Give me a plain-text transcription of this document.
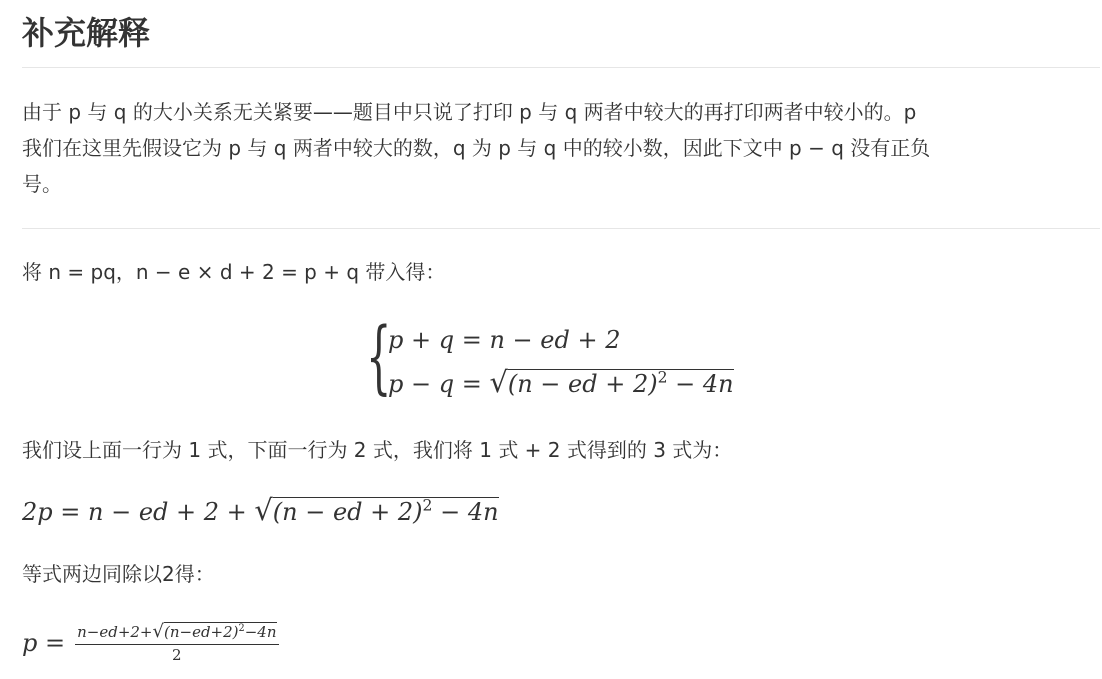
补充解释
由于 p 与 q 的大小关系无关紧要——题目中只说了打印 p 与 q 两者中较大的再打印两者中较小的。p
我们在这里先假设它为 p 与 q 两者中较大的数，q 为 p 与 q 中的较小数，因此下文中 p − q 没有正负
号。
将 n = pq，n − e × d + 2 = p + q 带入得：
{
p + q = n − ed + 2
p − q = √(n − ed + 2)$^2$ − 4n
我们设上面一行为 1 式，下面一行为 2 式，我们将 1 式 + 2 式得到的 3 式为：
2p = n − ed + 2 + √(n − ed + 2)$^2$ − 4n
等式两边同除以2得：
$p = \frac{n-ed+2+√(n-ed+2)^2-4n}{2}$
